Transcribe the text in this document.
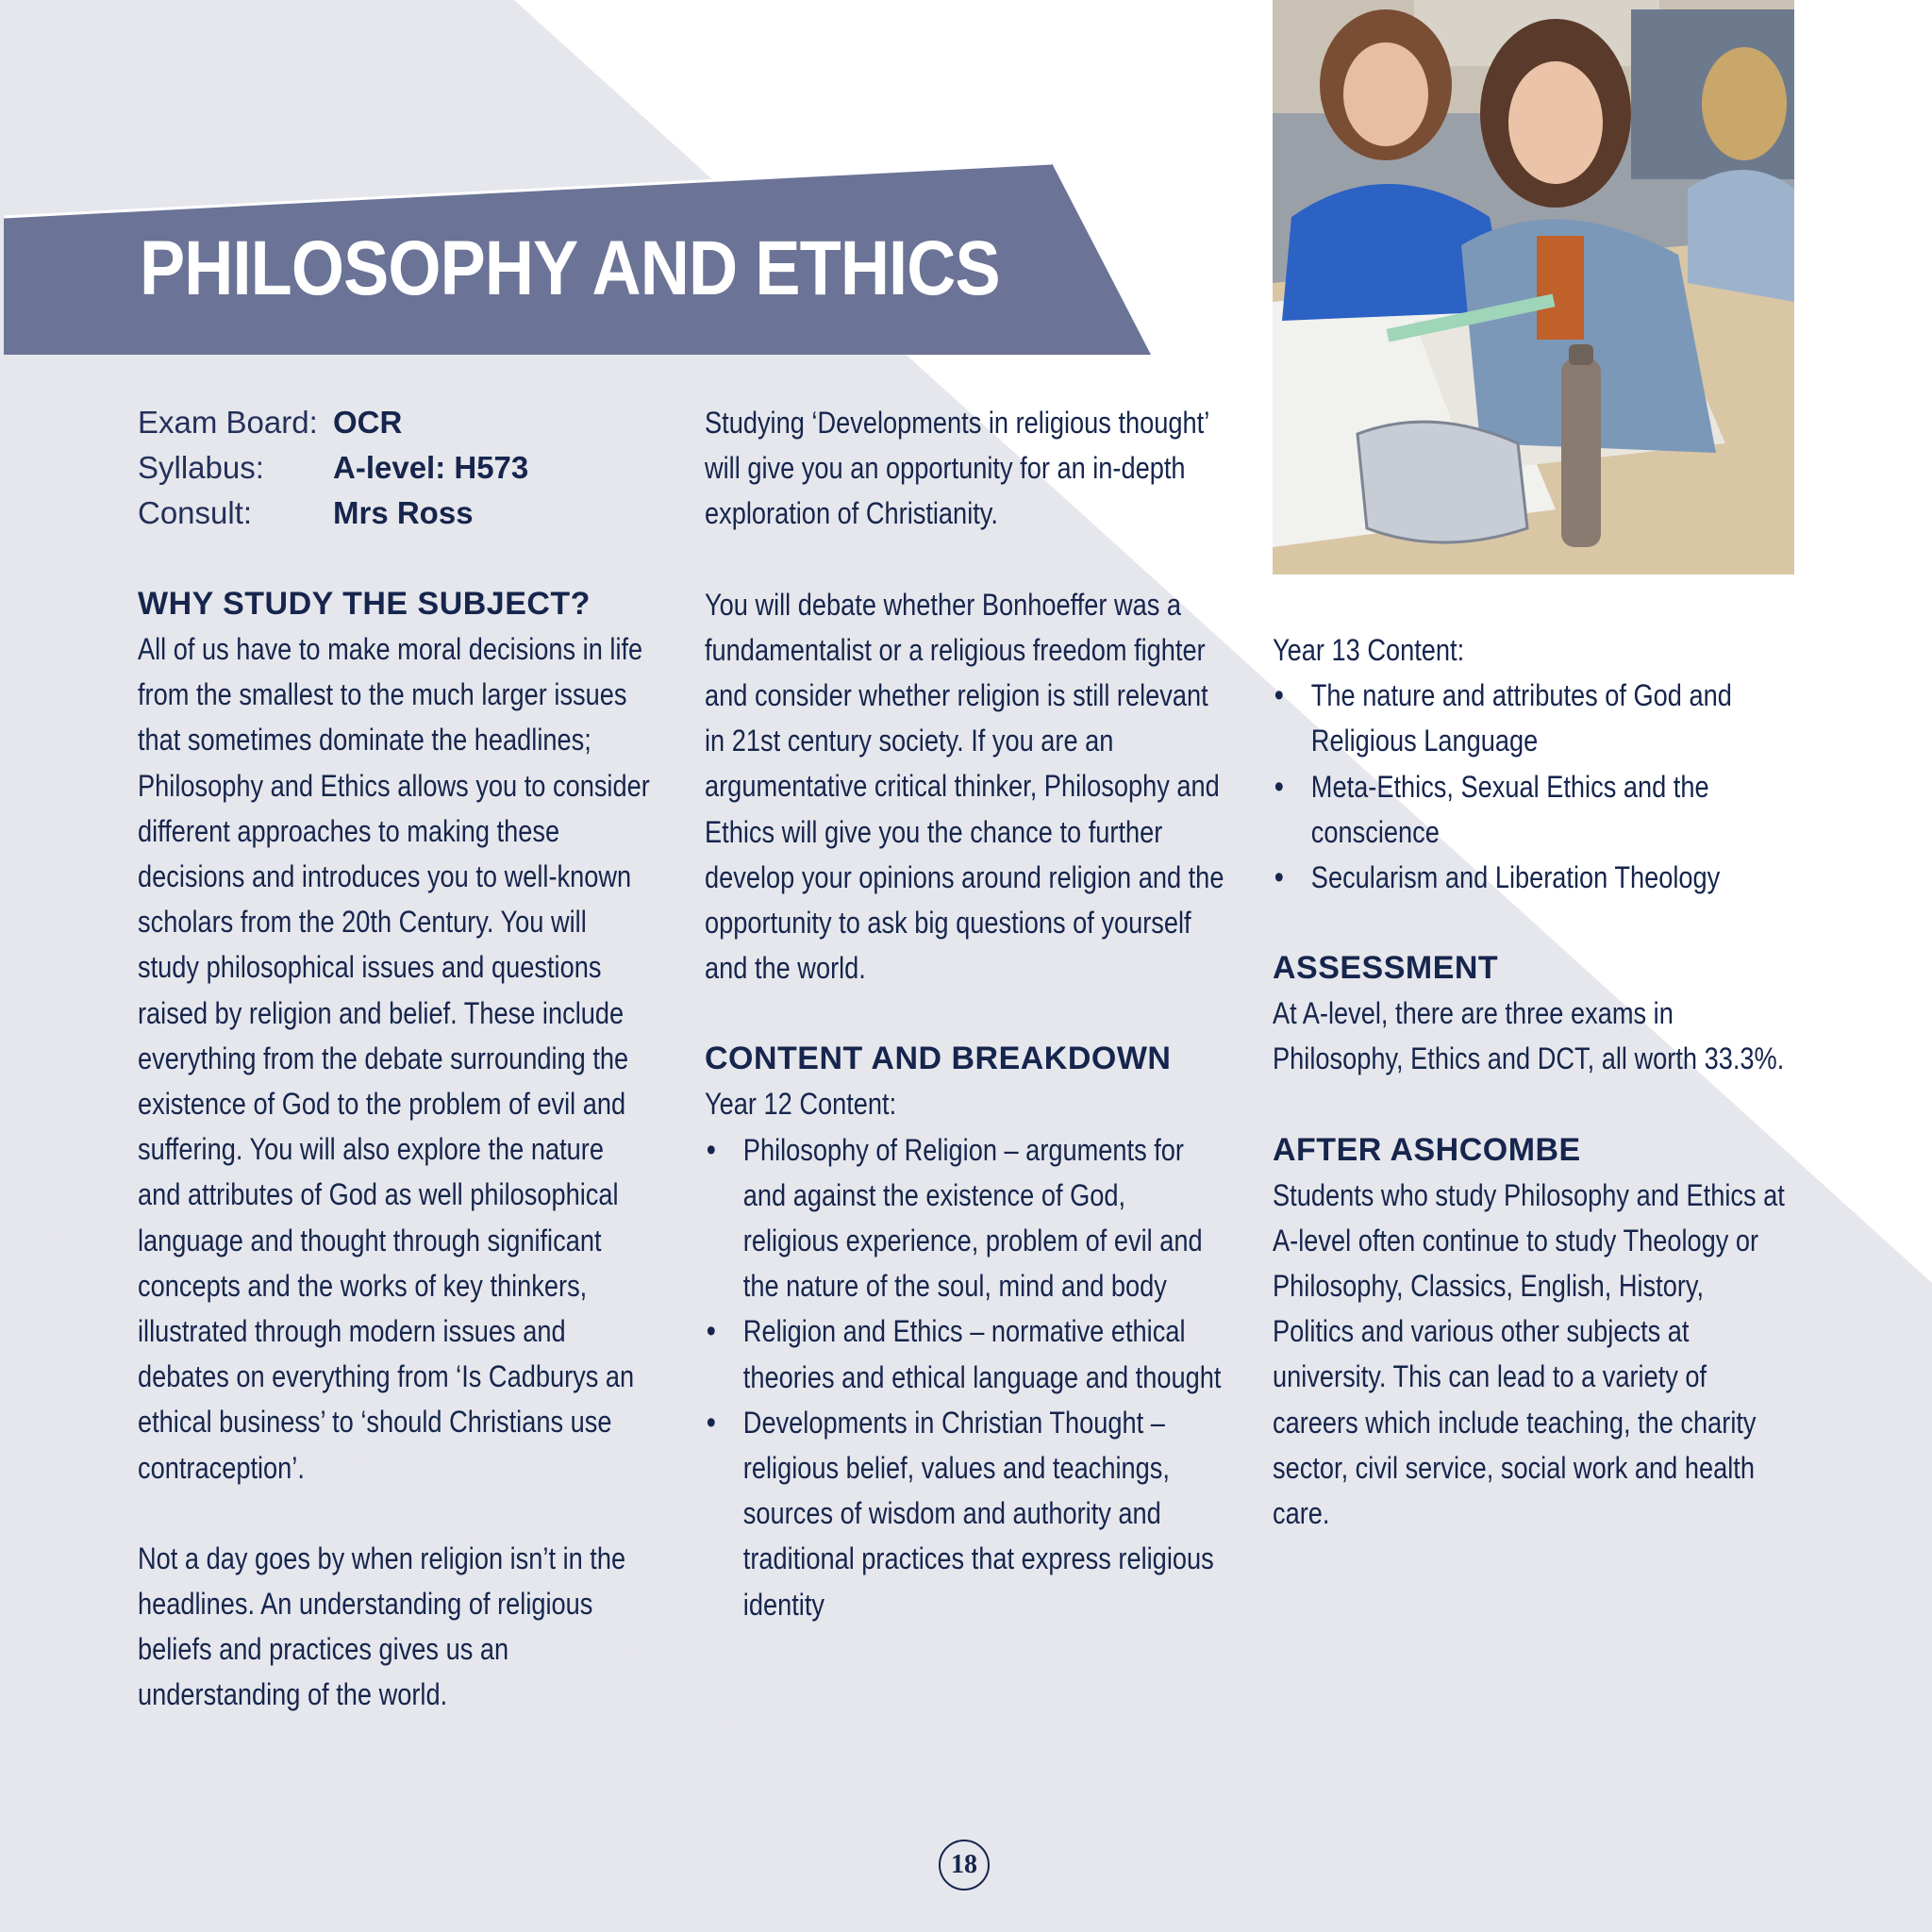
PHILOSOPHY AND ETHICS
Exam Board:	OCR
Syllabus:	A-level: H573
Consult:	Mrs Ross

WHY STUDY THE SUBJECT?

All of us have to make moral decisions in life from the smallest to the much larger issues that sometimes dominate the headlines; Philosophy and Ethics allows you to consider different approaches to making these decisions and introduces you to well-known scholars from the 20th Century. You will study philosophical issues and questions raised by religion and belief. These include everything from the debate surrounding the existence of God to the problem of evil and suffering. You will also explore the nature and attributes of God as well philosophical language and thought through significant concepts and the works of key thinkers, illustrated through modern issues and debates on everything from ‘Is Cadburys an ethical business’ to ‘should Christians use contraception’.

Not a day goes by when religion isn’t in the headlines. An understanding of religious beliefs and practices gives us an understanding of the world.

Studying ‘Developments in religious thought’ will give you an opportunity for an in-depth exploration of Christianity.

You will debate whether Bonhoeffer was a fundamentalist or a religious freedom fighter and consider whether religion is still relevant in 21st century society. If you are an argumentative critical thinker, Philosophy and Ethics will give you the chance to further develop your opinions around religion and the opportunity to ask big questions of yourself and the world.

CONTENT AND BREAKDOWN

Year 12 Content:

• Philosophy of Religion – arguments for and against the existence of God, religious experience, problem of evil and the nature of the soul, mind and body
• Religion and Ethics – normative ethical theories and ethical language and thought
• Developments in Christian Thought – religious belief, values and teachings, sources of wisdom and authority and traditional practices that express religious identity

Year 13 Content:

• The nature and attributes of God and Religious Language
• Meta-Ethics, Sexual Ethics and the conscience
• Secularism and Liberation Theology

ASSESSMENT

At A-level, there are three exams in Philosophy, Ethics and DCT, all worth 33.3%.

AFTER ASHCOMBE

Students who study Philosophy and Ethics at A-level often continue to study Theology or Philosophy, Classics, English, History, Politics and various other subjects at university. This can lead to a variety of careers which include teaching, the charity sector, civil service, social work and health care.

18
